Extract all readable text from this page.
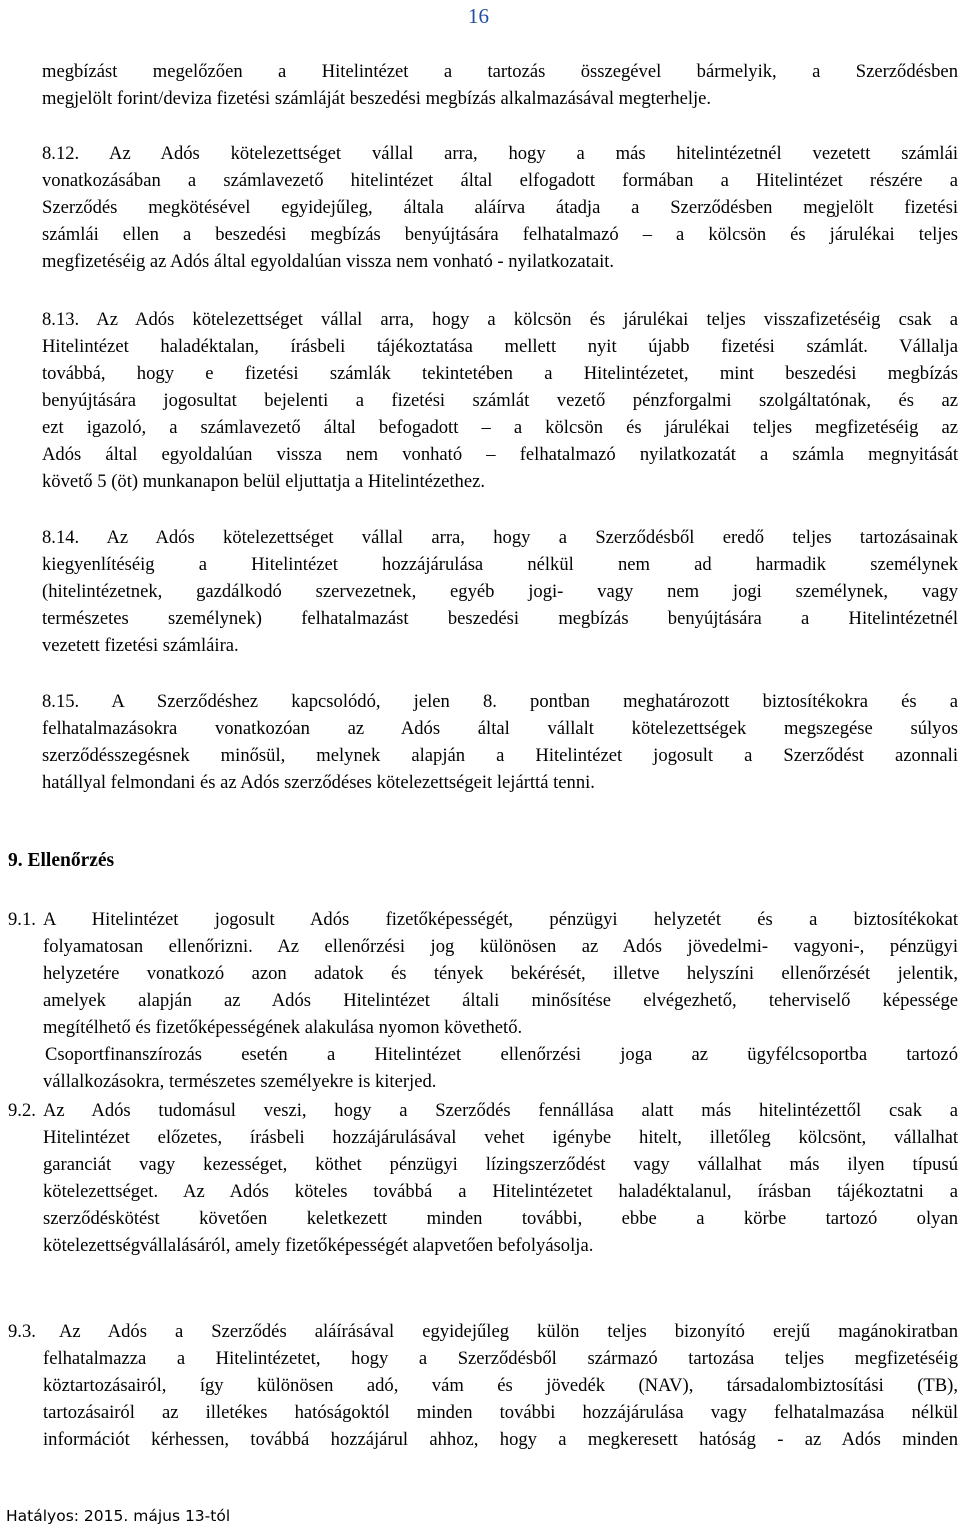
16
megbízást megelőzően a Hitelintézet a tartozás összegével bármelyik, a Szerződésben
megjelölt forint/deviza fizetési számláját beszedési megbízás alkalmazásával megterhelje.
8.12. Az Adós kötelezettséget vállal arra, hogy a más hitelintézetnél vezetett számlái
vonatkozásában a számlavezető hitelintézet által elfogadott formában a Hitelintézet részére a
Szerződés megkötésével egyidejűleg, általa aláírva átadja a Szerződésben megjelölt fizetési
számlái ellen a beszedési megbízás benyújtására felhatalmazó – a kölcsön és járulékai teljes
megfizetéséig az Adós által egyoldalúan vissza nem vonható - nyilatkozatait.
8.13. Az Adós kötelezettséget vállal arra, hogy a kölcsön és járulékai teljes visszafizetéséig csak a
Hitelintézet haladéktalan, írásbeli tájékoztatása mellett nyit újabb fizetési számlát. Vállalja
továbbá, hogy e fizetési számlák tekintetében a Hitelintézetet, mint beszedési megbízás
benyújtására jogosultat bejelenti a fizetési számlát vezető pénzforgalmi szolgáltatónak, és az
ezt igazoló, a számlavezető által befogadott – a kölcsön és járulékai teljes megfizetéséig az
Adós által egyoldalúan vissza nem vonható – felhatalmazó nyilatkozatát a számla megnyitását
követő 5 (öt) munkanapon belül eljuttatja a Hitelintézethez.
8.14. Az Adós kötelezettséget vállal arra, hogy a Szerződésből eredő teljes tartozásainak
kiegyenlítéséig a Hitelintézet hozzájárulása nélkül nem ad harmadik személynek
(hitelintézetnek, gazdálkodó szervezetnek, egyéb jogi- vagy nem jogi személynek, vagy
természetes személynek) felhatalmazást beszedési megbízás benyújtására a Hitelintézetnél
vezetett fizetési számláira.
8.15. A Szerződéshez kapcsolódó, jelen 8. pontban meghatározott biztosítékokra és a
felhatalmazásokra vonatkozóan az Adós által vállalt kötelezettségek megszegése súlyos
szerződésszegésnek minősül, melynek alapján a Hitelintézet jogosult a Szerződést azonnali
hatállyal felmondani és az Adós szerződéses kötelezettségeit lejárttá tenni.
9. Ellenőrzés
9.1. A Hitelintézet jogosult Adós fizetőképességét, pénzügyi helyzetét és a biztosítékokat
folyamatosan ellenőrizni. Az ellenőrzési jog különösen az Adós jövedelmi- vagyoni-, pénzügyi
helyzetére vonatkozó azon adatok és tények bekérését, illetve helyszíni ellenőrzését jelentik,
amelyek alapján az Adós Hitelintézet általi minősítése elvégezhető, teherviselő képessége
megítélhető és fizetőképességének alakulása nyomon követhető.
Csoportfinanszírozás esetén a Hitelintézet ellenőrzési joga az ügyfélcsoportba tartozó
vállalkozásokra, természetes személyekre is kiterjed.
9.2. Az Adós tudomásul veszi, hogy a Szerződés fennállása alatt más hitelintézettől csak a
Hitelintézet előzetes, írásbeli hozzájárulásával vehet igénybe hitelt, illetőleg kölcsönt, vállalhat
garanciát vagy kezességet, köthet pénzügyi lízingszerződést vagy vállalhat más ilyen típusú
kötelezettséget. Az Adós köteles továbbá a Hitelintézetet haladéktalanul, írásban tájékoztatni a
szerződéskötést követően keletkezett minden további, ebbe a körbe tartozó olyan
kötelezettségvállalásáról, amely fizetőképességét alapvetően befolyásolja.
9.3.	Az Adós a Szerződés aláírásával egyidejűleg külön teljes bizonyító erejű magánokiratban
felhatalmazza a Hitelintézetet, hogy a Szerződésből származó tartozása teljes megfizetéséig
köztartozásairól, így különösen adó, vám és jövedék (NAV), társadalombiztosítási (TB),
tartozásairól az illetékes hatóságoktól minden további hozzájárulása vagy felhatalmazása nélkül
információt kérhessen, továbbá hozzájárul ahhoz, hogy a megkeresett hatóság - az Adós minden
Hatályos: 2015. május 13-tól
